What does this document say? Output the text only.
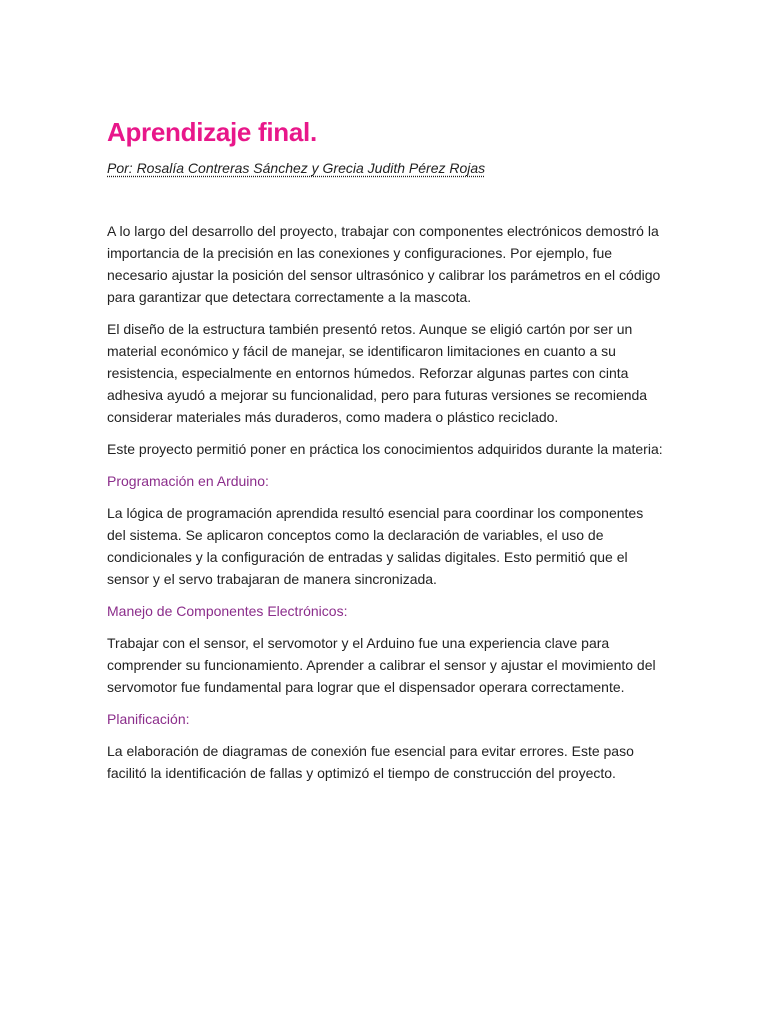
Aprendizaje final.

Por: Rosalía Contreras Sánchez y Grecia Judith Pérez Rojas

A lo largo del desarrollo del proyecto, trabajar con componentes electrónicos demostró la importancia de la precisión en las conexiones y configuraciones. Por ejemplo, fue necesario ajustar la posición del sensor ultrasónico y calibrar los parámetros en el código para garantizar que detectara correctamente a la mascota.

El diseño de la estructura también presentó retos. Aunque se eligió cartón por ser un material económico y fácil de manejar, se identificaron limitaciones en cuanto a su resistencia, especialmente en entornos húmedos. Reforzar algunas partes con cinta adhesiva ayudó a mejorar su funcionalidad, pero para futuras versiones se recomienda considerar materiales más duraderos, como madera o plástico reciclado.

Este proyecto permitió poner en práctica los conocimientos adquiridos durante la materia:

Programación en Arduino:

La lógica de programación aprendida resultó esencial para coordinar los componentes del sistema. Se aplicaron conceptos como la declaración de variables, el uso de condicionales y la configuración de entradas y salidas digitales. Esto permitió que el sensor y el servo trabajaran de manera sincronizada.

Manejo de Componentes Electrónicos:

Trabajar con el sensor, el servomotor y el Arduino fue una experiencia clave para comprender su funcionamiento. Aprender a calibrar el sensor y ajustar el movimiento del servomotor fue fundamental para lograr que el dispensador operara correctamente.

Planificación:

La elaboración de diagramas de conexión fue esencial para evitar errores. Este paso facilitó la identificación de fallas y optimizó el tiempo de construcción del proyecto.
